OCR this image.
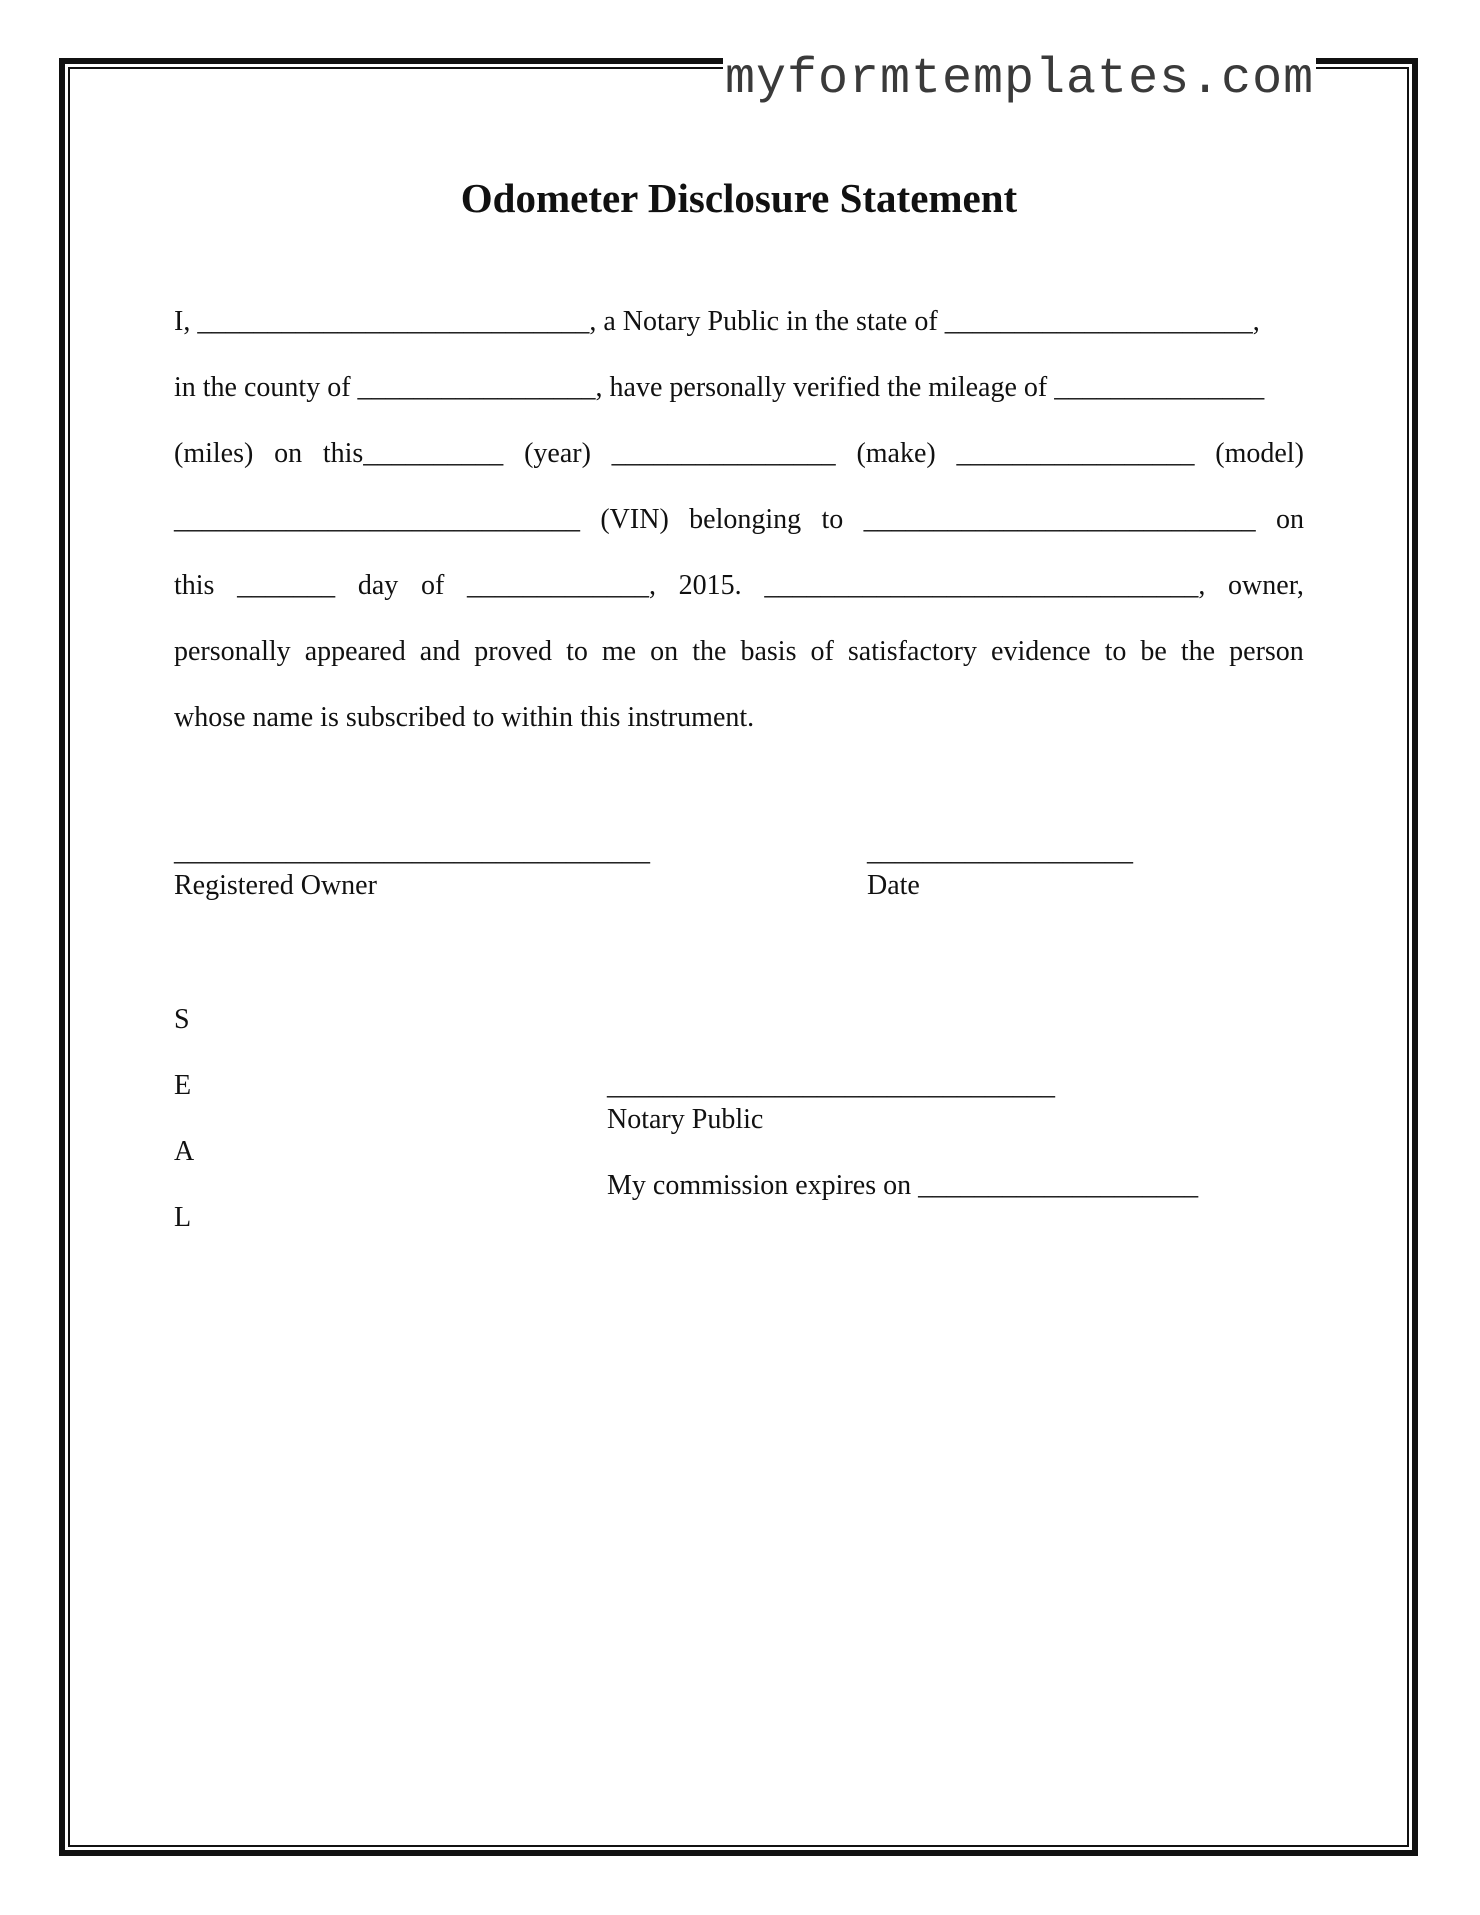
myformtemplates.com
Odometer Disclosure Statement
I, ____________________________, a Notary Public in the state of ______________________,
in the county of _________________, have personally verified the mileage of _______________
(miles) on this__________ (year) ________________ (make) _________________ (model)
_____________________________ (VIN) belonging to ____________________________ on
this _______ day of _____________, 2015. _______________________________, owner,
personally appeared and proved to me on the basis of satisfactory evidence to be the person
whose name is subscribed to within this instrument.
__________________________________
Registered Owner
___________________
Date
________________________________
Notary Public
My commission expires on ____________________
S
E
A
L
